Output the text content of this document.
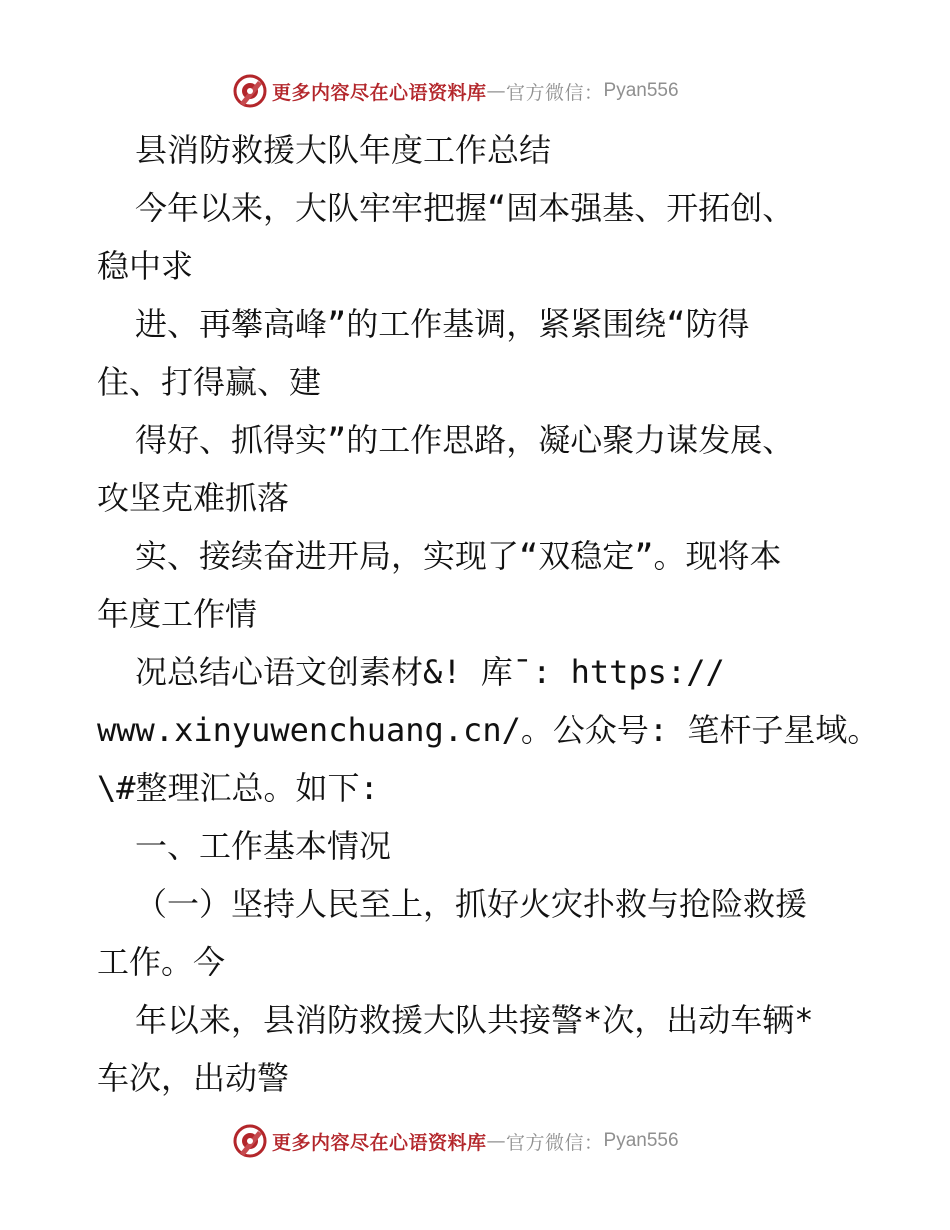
更多内容尽在心语资料库 — 官方微信： Pyan556
县消防救援大队年度工作总结
今年以来，大队牢牢把握“固本强基、开拓创、
稳中求
进、再攀高峰”的工作基调，紧紧围绕“防得
住、打得赢、建
得好、抓得实”的工作思路，凝心聚力谋发展、
攻坚克难抓落
实、接续奋进开局，实现了“双稳定”。现将本
年度工作情
况总结心语文创素材&! 库¯: https://
www.xinyuwenchuang.cn/。公众号: 笔杆子星域。
\#整理汇总。如下:
一、工作基本情况
（一）坚持人民至上，抓好火灾扑救与抢险救援
工作。今
年以来，县消防救援大队共接警*次，出动车辆*
车次，出动警
更多内容尽在心语资料库 — 官方微信： Pyan556
